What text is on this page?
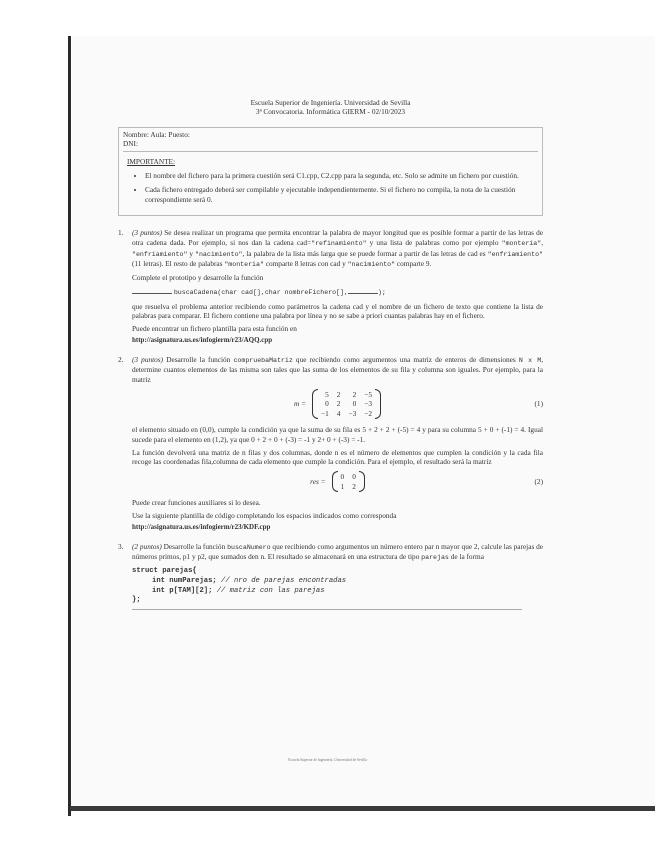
Escuela Superior de Ingeniería. Universidad de Sevilla
3ª Convocatoria. Informática GIERM - 02/10/2023
Nombre: Aula: Puesto:
DNI:
IMPORTANTE:
• El nombre del fichero para la primera cuestión será C1.cpp, C2.cpp para la segunda, etc. Solo se admite un fichero por cuestión.
• Cada fichero entregado deberá ser compilable y ejecutable independientemente. Si el fichero no compila, la nota de la cuestión correspondiente será 0.
1.	(3 puntos) Se desea realizar un programa que permita encontrar la palabra de mayor longitud que es posible formar a partir de las letras de otra cadena dada. Por ejemplo, si nos dan la cadena cad="refinamiento" y una lista de palabras como por ejemplo "monteria", "enfriamiento" y "nacimiento", la palabra de la lista más larga que se puede formar a partir de las letras de cad es "enfriamiento" (11 letras). El resto de palabras "monteria" comparte 8 letras con cad y "nacimiento" comparte 9.

Complete el prototipo y desarrolle la función

buscaCadena(char cad[],char nombreFichero[],	);

que resuelva el problema anterior recibiendo como parámetros la cadena cad y el nombre de un fichero de texto que contiene la lista de palabras para comparar. El fichero contiene una palabra por línea y no se sabe a priori cuantas palabras hay en el fichero.

Puede encontrar un fichero plantilla para esta función en

http://asignatura.us.es/infogierm/r23/AQQ.cpp

2.	(3 puntos) Desarrolle la función compruebaMatriz que recibiendo como argumentos una matriz de enteros de dimensiones N x M, determine cuantos elementos de las misma son tales que las suma de los elementos de su fila y columna son iguales. Por ejemplo, para la matriz

m =
5 2	2 −5
0 2	0 −3
−1 4 −3 −2
(1)

el elemento situado en (0,0), cumple la condición ya que la suma de su fila es 5 + 2 + 2 + (-5) = 4 y para su columna 5 + 0 + (-1) = 4. Igual sucede para el elemento en (1,2), ya que 0 + 2 + 0 + (-3) = -1 y 2+ 0 + (-3) = -1.

La función devolverá una matriz de n filas y dos columnas, donde n es el número de elementos que cumplen la condición y la cada fila recoge las coordenadas fila,columna de cada elemento que cumple la condición. Para el ejemplo, el resultado será la matriz

res =
0 0
1 2
(2)

Puede crear funciones auxiliares si lo desea.

Use la siguiente plantilla de código completando los espacios indicados como corresponda

http://asignatura.us.es/infogierm/r23/KDF.cpp

3.	(2 puntos) Desarrolle la función buscaNumero que recibiendo como argumentos un número entero par n mayor que 2, calcule las parejas de números primos, p1 y p2, que sumados den n. El resultado se almacenará en una estructura de tipo parejas de la forma

struct parejas{
int numParejas; // nro de parejas encontradas
int p[TAM][2]; // matriz con las parejas
};
Escuela Superior de Ingeniería. Universidad de Sevilla
